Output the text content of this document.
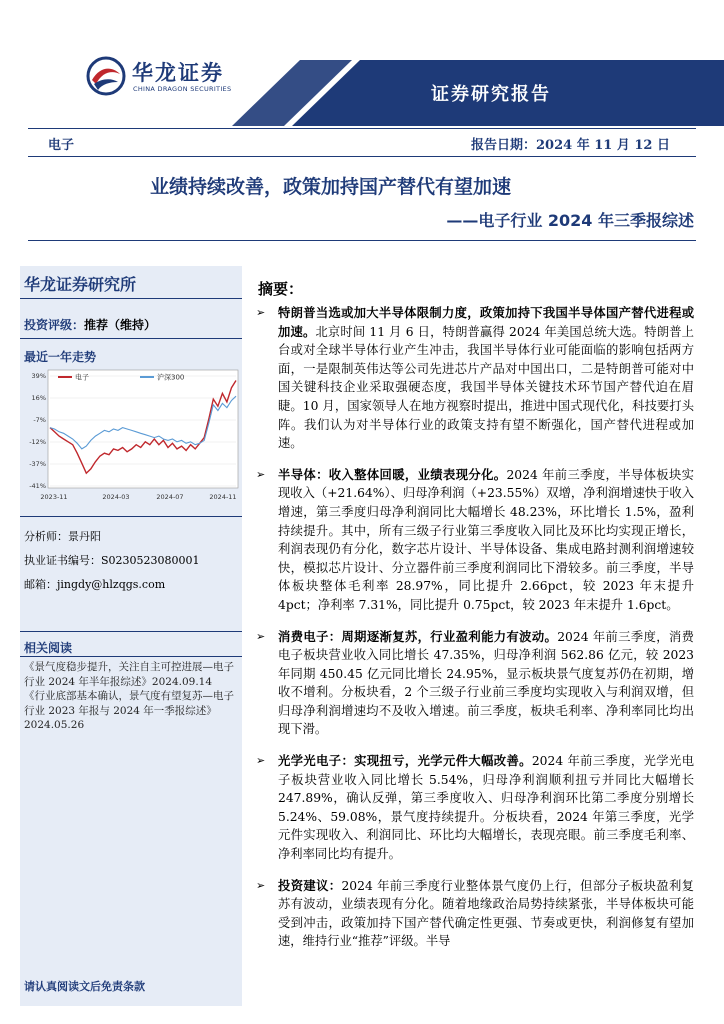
华龙证券
CHINA DRAGON SECURITIES	证券研究报告
电子	报告日期：2024 年 11 月 12 日
业绩持续改善，政策加持国产替代有望加速
——电子行业 2024 年三季报综述
华龙证券研究所
投资评级：推荐（维持）
最近一年走势
39%
16%
-7%
-12%
-37%
-41%
2023-11	2024-03	2024-07	2024-11
电子	沪深300
分析师：景丹阳
执业证书编号：S0230523080001
邮箱：jingdy@hlzqgs.com
相关阅读

《景气度稳步提升，关注自主可控进展—电子行业 2024 年半年报综述》2024.09.14

《行业底部基本确认，景气度有望复苏—电子行业 2023 年报与 2024 年一季报综述》2024.05.26

请认真阅读文后免责条款
摘要：
➢ 特朗普当选或加大半导体限制力度，政策加持下我国半导体国产替代进程或加速。北京时间 11 月 6 日，特朗普赢得 2024 年美国总统大选。特朗普上台或对全球半导体行业产生冲击，我国半导体行业可能面临的影响包括两方面，一是限制英伟达等公司先进芯片产品对中国出口，二是特朗普可能对中国关键科技企业采取强硬态度，我国半导体关键技术环节国产替代迫在眉睫。10 月，国家领导人在地方视察时提出，推进中国式现代化，科技要打头阵。我们认为对半导体行业的政策支持有望不断强化，国产替代进程或加速。
➢ 半导体：收入整体回暖，业绩表现分化。2024 年前三季度，半导体板块实现收入（+21.64%）、归母净利润（+23.55%）双增，净利润增速快于收入增速，第三季度归母净利润同比大幅增长 48.23%，环比增长 1.5%，盈利持续提升。其中，所有三级子行业第三季度收入同比及环比均实现正增长，利润表现仍有分化，数字芯片设计、半导体设备、集成电路封测利润增速较快，模拟芯片设计、分立器件前三季度利润同比下滑较多。前三季度，半导体板块整体毛利率 28.97%，同比提升 2.66pct，较 2023 年末提升 4pct；净利率 7.31%，同比提升 0.75pct，较 2023 年末提升 1.6pct。
➢ 消费电子：周期逐渐复苏，行业盈利能力有波动。2024 年前三季度，消费电子板块营业收入同比增长 47.35%，归母净利润 562.86 亿元，较 2023 年同期 450.45 亿元同比增长 24.95%，显示板块景气度复苏仍在初期，增收不增利。分板块看，2 个三级子行业前三季度均实现收入与利润双增，但归母净利润增速均不及收入增速。前三季度，板块毛利率、净利率同比均出现下滑。
➢ 光学光电子：实现扭亏，光学元件大幅改善。2024 年前三季度，光学光电子板块营业收入同比增长 5.54%，归母净利润顺利扭亏并同比大幅增长 247.89%，确认反弹，第三季度收入、归母净利润环比第二季度分别增长 5.24%、59.08%，景气度持续提升。分板块看，2024 年第三季度，光学元件实现收入、利润同比、环比均大幅增长，表现亮眼。前三季度毛利率、净利率同比均有提升。
➢ 投资建议：2024 年前三季度行业整体景气度仍上行，但部分子板块盈利复苏有波动，业绩表现有分化。随着地缘政治局势持续紧张，半导体板块可能受到冲击，政策加持下国产替代确定性更强、节奏或更快，利润修复有望加速，维持行业“推荐”评级。半导
